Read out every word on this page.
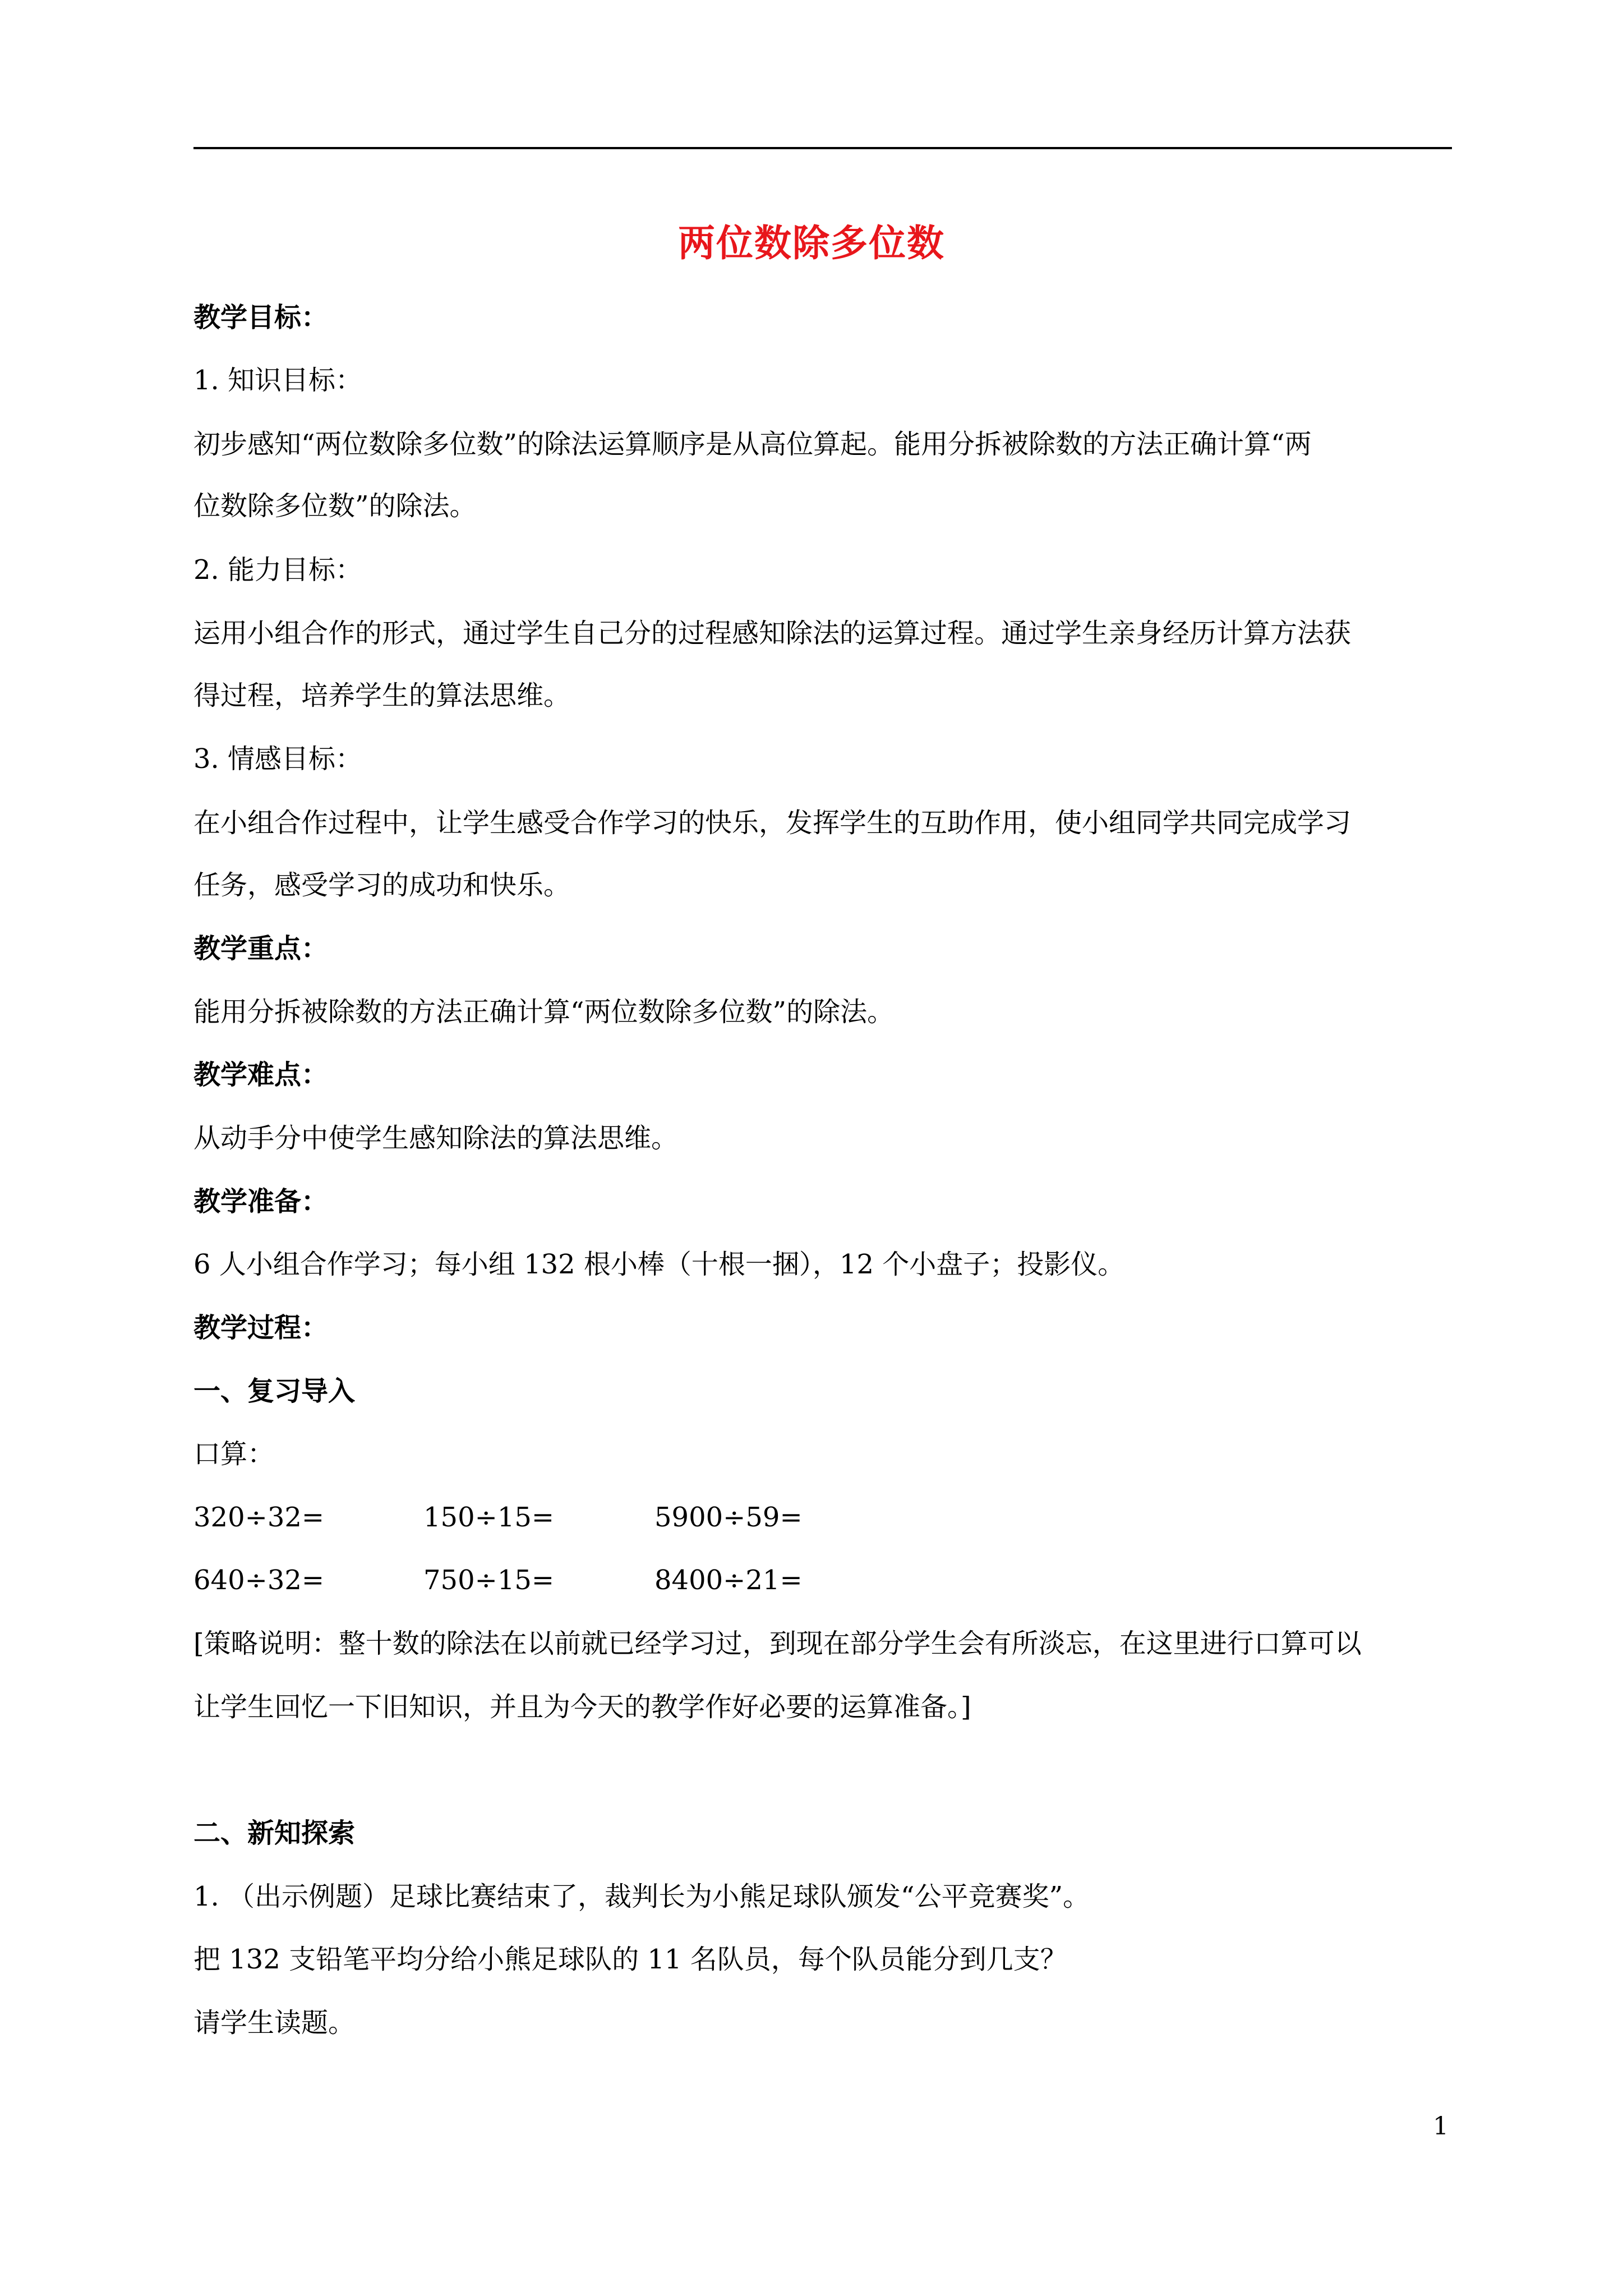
两位数除多位数
教学目标：
1. 知识目标：
初步感知“两位数除多位数”的除法运算顺序是从高位算起。能用分拆被除数的方法正确计算“两
位数除多位数”的除法。
2. 能力目标：
运用小组合作的形式，通过学生自己分的过程感知除法的运算过程。通过学生亲身经历计算方法获
得过程，培养学生的算法思维。
3. 情感目标：
在小组合作过程中，让学生感受合作学习的快乐，发挥学生的互助作用，使小组同学共同完成学习
任务，感受学习的成功和快乐。
教学重点：
能用分拆被除数的方法正确计算“两位数除多位数”的除法。
教学难点：
从动手分中使学生感知除法的算法思维。
教学准备：
6 人小组合作学习；每小组 132 根小棒（十根一捆），12 个小盘子；投影仪。
教学过程：
一、复习导入
口算：
320÷32=	150÷15=	5900÷59=
640÷32=	750÷15=	8400÷21=
[策略说明：整十数的除法在以前就已经学习过，到现在部分学生会有所淡忘，在这里进行口算可以
让学生回忆一下旧知识，并且为今天的教学作好必要的运算准备。]
二、新知探索
1. （出示例题）足球比赛结束了，裁判长为小熊足球队颁发“公平竞赛奖”。
把 132 支铅笔平均分给小熊足球队的 11 名队员，每个队员能分到几支？
请学生读题。
1
